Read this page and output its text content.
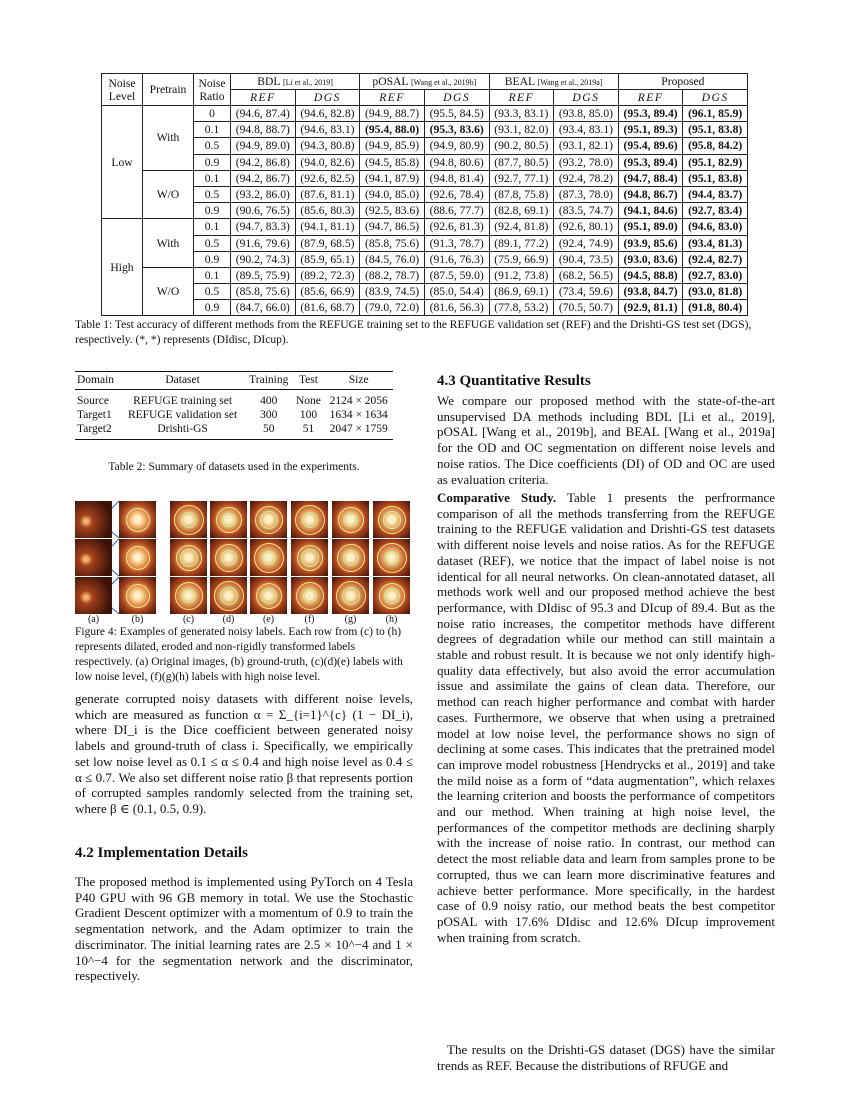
Noise Level	Pretrain	Noise Ratio	BDL [Li et al., 2019]		pOSAL [Wang et al., 2019b]		BEAL [Wang et al., 2019a]		Proposed	
			REF	DGS	REF	DGS	REF	DGS	REF	DGS
Low	With	0	(94.6, 87.4)	(94.6, 82.8)	(94.9, 88.7)	(95.5, 84.5)	(93.3, 83.1)	(93.8, 85.0)	(95.3, 89.4)	(96.1, 85.9)
		0.1	(94.8, 88.7)	(94.6, 83.1)	(95.4, 88.0)	(95.3, 83.6)	(93.1, 82.0)	(93.4, 83.1)	(95.1, 89.3)	(95.1, 83.8)
		0.5	(94.9, 89.0)	(94.3, 80.8)	(94.9, 85.9)	(94.9, 80.9)	(90.2, 80.5)	(93.1, 82.1)	(95.4, 89.6)	(95.8, 84.2)
		0.9	(94.2, 86.8)	(94.0, 82.6)	(94.5, 85.8)	(94.8, 80.6)	(87.7, 80.5)	(93.2, 78.0)	(95.3, 89.4)	(95.1, 82.9)
	W/O	0.1	(94.2, 86.7)	(92.6, 82.5)	(94.1, 87.9)	(94.8, 81.4)	(92.7, 77.1)	(92.4, 78.2)	(94.7, 88.4)	(95.1, 83.8)
		0.5	(93.2, 86.0)	(87.6, 81.1)	(94.0, 85.0)	(92.6, 78.4)	(87.8, 75.8)	(87.3, 78.0)	(94.8, 86.7)	(94.4, 83.7)
		0.9	(90.6, 76.5)	(85.6, 80.3)	(92.5, 83.6)	(88.6, 77.7)	(82.8, 69.1)	(83.5, 74.7)	(94.1, 84.6)	(92.7, 83.4)
High	With	0.1	(94.7, 83.3)	(94.1, 81.1)	(94.7, 86.5)	(92.6, 81.3)	(92.4, 81.8)	(92.6, 80.1)	(95.1, 89.0)	(94.6, 83.0)
		0.5	(91.6, 79.6)	(87.9, 68.5)	(85.8, 75.6)	(91.3, 78.7)	(89.1, 77.2)	(92.4, 74.9)	(93.9, 85.6)	(93.4, 81.3)
		0.9	(90.2, 74.3)	(85.9, 65.1)	(84.5, 76.0)	(91.6, 76.3)	(75.9, 66.9)	(90.4, 73.5)	(93.0, 83.6)	(92.4, 82.7)
	W/O	0.1	(89.5, 75.9)	(89.2, 72.3)	(88.2, 78.7)	(87.5, 59.0)	(91.2, 73.8)	(68.2, 56.5)	(94.5, 88.8)	(92.7, 83.0)
		0.5	(85.8, 75.6)	(85.6, 66.9)	(83.9, 74.5)	(85.0, 54.4)	(86.9, 69.1)	(73.4, 59.6)	(93.8, 84.7)	(93.0, 81.8)
		0.9	(84.7, 66.0)	(81.6, 68.7)	(79.0, 72.0)	(81.6, 56.3)	(77.8, 53.2)	(70.5, 50.7)	(92.9, 81.1)	(91.8, 80.4)
Table 1: Test accuracy of different methods from the REFUGE training set to the REFUGE validation set (REF) and the Drishti-GS test set (DGS), respectively. (*, *) represents (DIdisc, DIcup).
Domain	Dataset	Training	Test	Size
Source	REFUGE training set	400	None	2124 × 2056
Target1	REFUGE validation set	300	100	1634 × 1634
Target2	Drishti-GS	50	51	2047 × 1759
Table 2: Summary of datasets used in the experiments.
(a)	(b)	(c)	(d)	(e)	(f)	(g)	(h)
Figure 4: Examples of generated noisy labels. Each row from (c) to (h) represents dilated, eroded and non-rigidly transformed labels respectively. (a) Original images, (b) ground-truth, (c)(d)(e) labels with low noise level, (f)(g)(h) labels with high noise level.

generate corrupted noisy datasets with different noise levels, which are measured as function α = Σ_{i=1}^{c} (1 − DI_i), where DI_i is the Dice coefficient between generated noisy labels and ground-truth of class i. Specifically, we empirically set low noise level as 0.1 ≤ α ≤ 0.4 and high noise level as 0.4 ≤ α ≤ 0.7. We also set different noise ratio β that represents portion of corrupted samples randomly selected from the training set, where β ∈ (0.1, 0.5, 0.9).

4.2 Implementation Details

The proposed method is implemented using PyTorch on 4 Tesla P40 GPU with 96 GB memory in total. We use the Stochastic Gradient Descent optimizer with a momentum of 0.9 to train the segmentation network, and the Adam optimizer to train the discriminator. The initial learning rates are 2.5 × 10^−4 and 1 × 10^−4 for the segmentation network and the discriminator, respectively.

4.3 Quantitative Results

We compare our proposed method with the state-of-the-art unsupervised DA methods including BDL [Li et al., 2019], pOSAL [Wang et al., 2019b], and BEAL [Wang et al., 2019a] for the OD and OC segmentation on different noise levels and noise ratios. The Dice coefficients (DI) of OD and OC are used as evaluation criteria.

Comparative Study. Table 1 presents the perfrormance comparison of all the methods transferring from the REFUGE training to the REFUGE validation and Drishti-GS test datasets with different noise levels and noise ratios. As for the REFUGE dataset (REF), we notice that the impact of label noise is not identical for all neural networks. On clean-annotated dataset, all methods work well and our proposed method achieve the best performance, with DIdisc of 95.3 and DIcup of 89.4. But as the noise ratio increases, the competitor methods have different degrees of degradation while our method can still maintain a stable and robust result. It is because we not only identify high-quality data effectively, but also avoid the error accumulation issue and assimilate the gains of clean data. Therefore, our method can reach higher performance and combat with harder cases. Furthermore, we observe that when using a pretrained model at low noise level, the performance shows no sign of declining at some cases. This indicates that the pretrained model can improve model robustness [Hendrycks et al., 2019] and take the mild noise as a form of “data augmentation”, which relaxes the learning criterion and boosts the performance of competitors and our method. When training at high noise level, the performances of the competitor methods are declining sharply with the increase of noise ratio. In contrast, our method can detect the most reliable data and learn from samples prone to be corrupted, thus we can learn more discriminative features and achieve better performance. More specifically, in the hardest case of 0.9 noisy ratio, our method beats the best competitor pOSAL with 17.6% DIdisc and 12.6% DIcup improvement when training from scratch.

The results on the Drishti-GS dataset (DGS) have the similar trends as REF. Because the distributions of RFUGE and
